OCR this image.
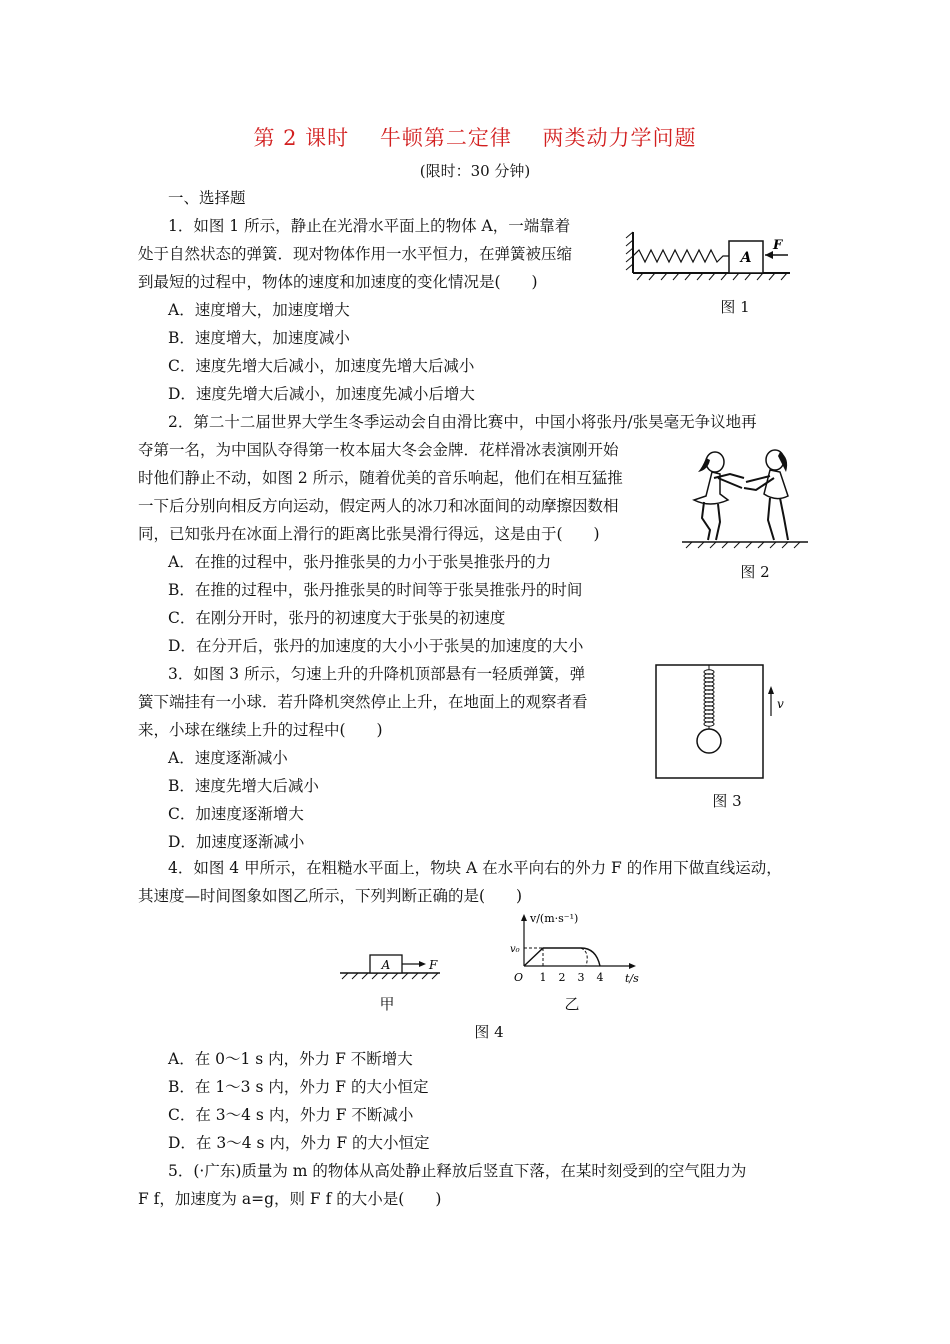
第 2 课时    牛顿第二定律    两类动力学问题
(限时：30 分钟)
一、选择题
1．如图 1 所示，静止在光滑水平面上的物体 A，一端靠着
处于自然状态的弹簧．现对物体作用一水平恒力，在弹簧被压缩
到最短的过程中，物体的速度和加速度的变化情况是(　　)
A．速度增大，加速度增大
B．速度增大，加速度减小
C．速度先增大后减小，加速度先增大后减小
D．速度先增大后减小，加速度先减小后增大
A
F
图 1
2．第二十二届世界大学生冬季运动会自由滑比赛中，中国小将张丹/张昊毫无争议地再
夺第一名，为中国队夺得第一枚本届大冬会金牌．花样滑冰表演刚开始
时他们静止不动，如图 2 所示，随着优美的音乐响起，他们在相互猛推
一下后分别向相反方向运动，假定两人的冰刀和冰面间的动摩擦因数相
同，已知张丹在冰面上滑行的距离比张昊滑行得远，这是由于(　　)
A．在推的过程中，张丹推张昊的力小于张昊推张丹的力
B．在推的过程中，张丹推张昊的时间等于张昊推张丹的时间
C．在刚分开时，张丹的初速度大于张昊的初速度
D．在分开后，张丹的加速度的大小小于张昊的加速度的大小
图 2
3．如图 3 所示，匀速上升的升降机顶部悬有一轻质弹簧，弹
簧下端挂有一小球．若升降机突然停止上升，在地面上的观察者看
来，小球在继续上升的过程中(　　)
A．速度逐渐减小
B．速度先增大后减小
C．加速度逐渐增大
D．加速度逐渐减小
v
图 3
4．如图 4 甲所示，在粗糙水平面上，物块 A 在水平向右的外力 F 的作用下做直线运动，
其速度—时间图象如图乙所示，下列判断正确的是(　　)
A	F
v/(m·s⁻¹)
t/s
O
v₀
1 2 3 4
甲	乙
图 4
A．在 0～1 s 内，外力 F 不断增大
B．在 1～3 s 内，外力 F 的大小恒定
C．在 3～4 s 内，外力 F 不断减小
D．在 3～4 s 内，外力 F 的大小恒定
5．(·广东)质量为 m 的物体从高处静止释放后竖直下落，在某时刻受到的空气阻力为
F f，加速度为 a=g，则 F f 的大小是(　　)
